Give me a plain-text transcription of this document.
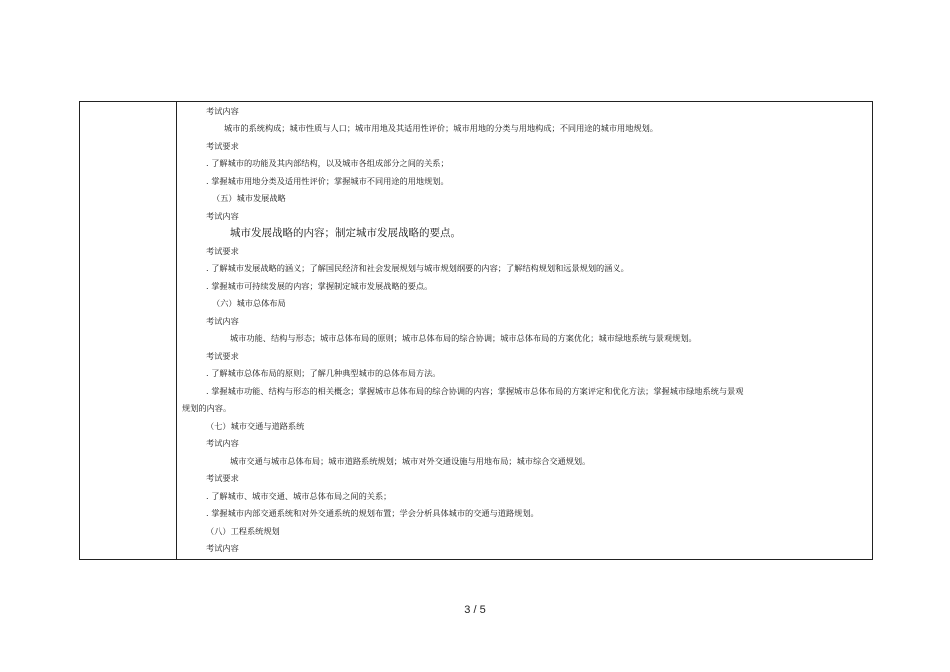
考试内容
城市的系统构成；城市性质与人口；城市用地及其适用性评价；城市用地的分类与用地构成；不同用途的城市用地规划。
考试要求
. 了解城市的功能及其内部结构，以及城市各组成部分之间的关系；
. 掌握城市用地分类及适用性评价；掌握城市不同用途的用地规划。
（五）城市发展战略
考试内容
城市发展战略的内容；制定城市发展战略的要点。
考试要求
. 了解城市发展战略的涵义；了解国民经济和社会发展规划与城市规划纲要的内容；了解结构规划和远景规划的涵义。
. 掌握城市可持续发展的内容；掌握制定城市发展战略的要点。
（六）城市总体布局
考试内容
城市功能、结构与形态；城市总体布局的原则；城市总体布局的综合协调；城市总体布局的方案优化；城市绿地系统与景观规划。
考试要求
. 了解城市总体布局的原则；了解几种典型城市的总体布局方法。
. 掌握城市功能、结构与形态的相关概念；掌握城市总体布局的综合协调的内容；掌握城市总体布局的方案评定和优化方法；掌握城市绿地系统与景观
规划的内容。
（七）城市交通与道路系统
考试内容
城市交通与城市总体布局；城市道路系统规划；城市对外交通设施与用地布局；城市综合交通规划。
考试要求
. 了解城市、城市交通、城市总体布局之间的关系；
. 掌握城市内部交通系统和对外交通系统的规划布置；学会分析具体城市的交通与道路规划。
（八）工程系统规划
考试内容
3 / 5
